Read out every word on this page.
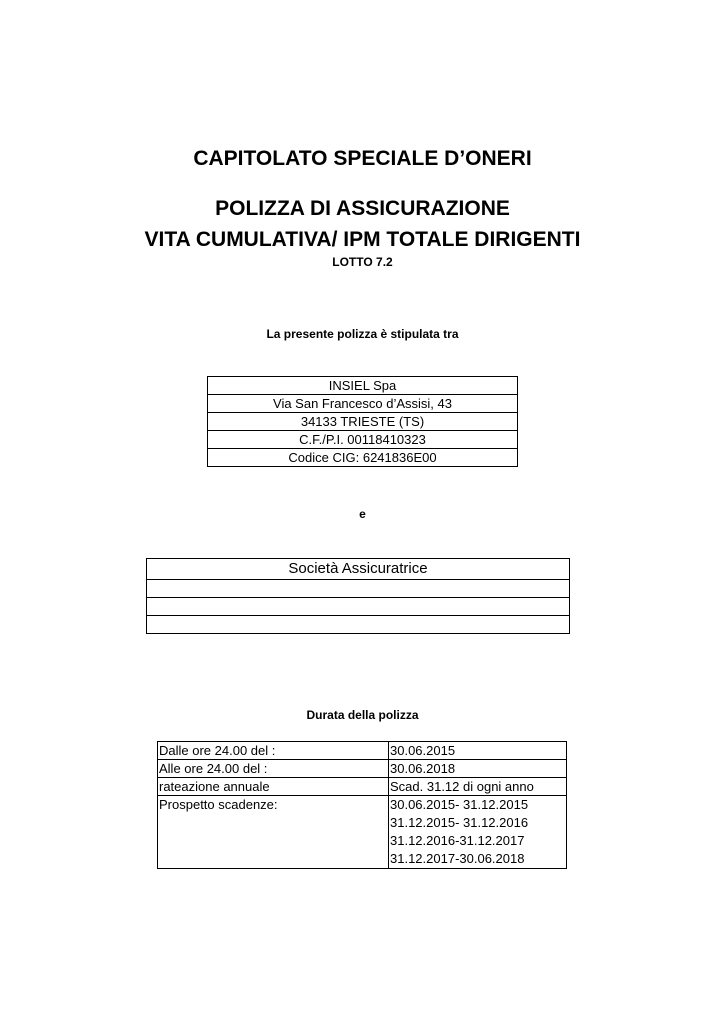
CAPITOLATO SPECIALE D’ONERI
POLIZZA DI ASSICURAZIONE
VITA CUMULATIVA/ IPM TOTALE DIRIGENTI
LOTTO 7.2
La presente polizza è stipulata tra
INSIEL Spa
Via San Francesco d’Assisi, 43
34133 TRIESTE (TS)
C.F./P.I. 00118410323
Codice CIG: 6241836E00
e
Società Assicuratrice

Durata della polizza
Dalle ore 24.00 del :	30.06.2015
Alle ore 24.00 del :	30.06.2018
rateazione annuale	Scad. 31.12 di ogni anno
Prospetto scadenze:	30.06.2015- 31.12.2015
31.12.2015- 31.12.2016
31.12.2016-31.12.2017
31.12.2017-30.06.2018
